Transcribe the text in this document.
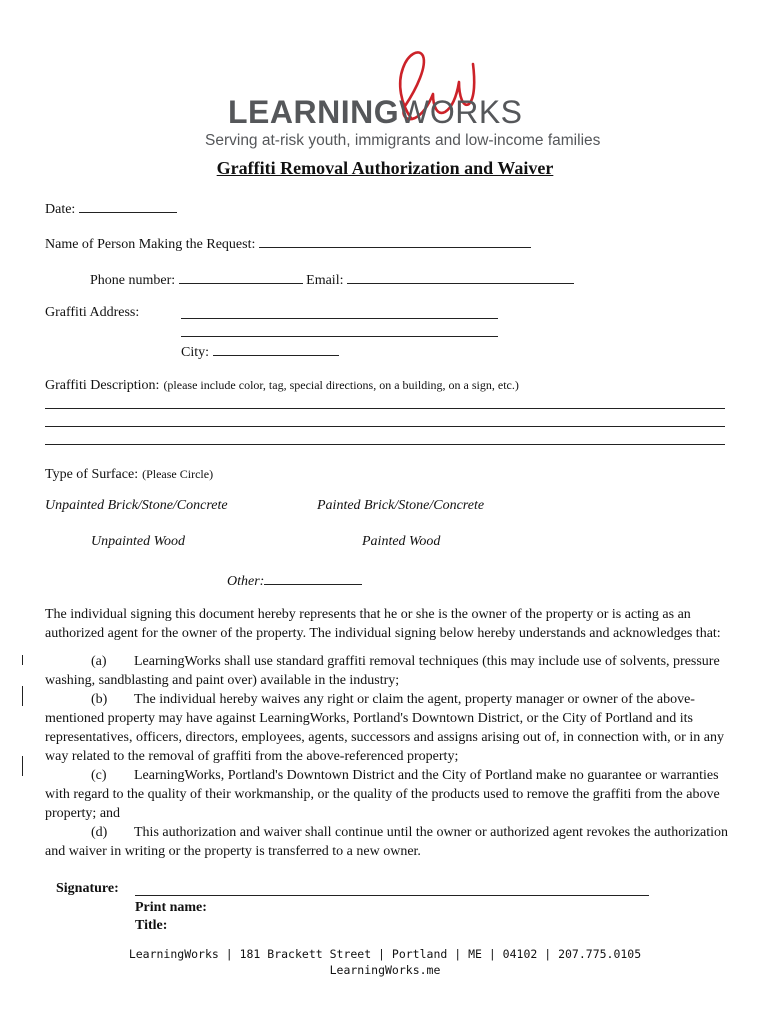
LEARNINGWORKS
Serving at-risk youth, immigrants and low-income families
Graffiti Removal Authorization and Waiver
Date:
Name of Person Making the Request:
Phone number:	Email:
Graffiti Address:
City:
Graffiti Description: (please include color, tag, special directions, on a building, on a sign, etc.)
Type of Surface: (Please Circle)
Unpainted Brick/Stone/Concrete	Painted Brick/Stone/Concrete
Unpainted Wood	Painted Wood
Other:

The individual signing this document hereby represents that he or she is the owner of the property or is acting as an authorized agent for the owner of the property. The individual signing below hereby understands and acknowledges that:

(a) LearningWorks shall use standard graffiti removal techniques (this may include use of solvents, pressure washing, sandblasting and paint over) available in the industry;

(b) The individual hereby waives any right or claim the agent, property manager or owner of the above-mentioned property may have against LearningWorks, Portland's Downtown District, or the City of Portland and its representatives, officers, directors, employees, agents, successors and assigns arising out of, in connection with, or in any way related to the removal of graffiti from the above-referenced property;

(c) LearningWorks, Portland's Downtown District and the City of Portland make no guarantee or warranties with regard to the quality of their workmanship, or the quality of the products used to remove the graffiti from the above property; and

(d) This authorization and waiver shall continue until the owner or authorized agent revokes the authorization and waiver in writing or the property is transferred to a new owner.

Signature:
Print name:
Title:
LearningWorks | 181 Brackett Street | Portland | ME | 04102 | 207.775.0105
LearningWorks.me
